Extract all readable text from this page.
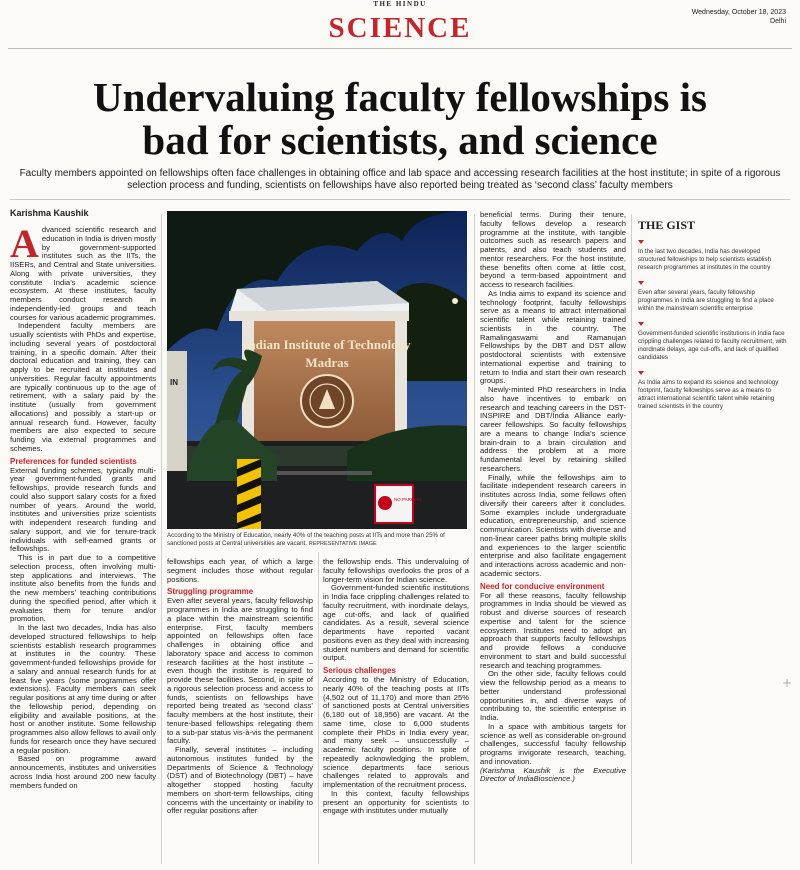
THE HINDU
SCIENCE	Wednesday, October 18, 2023
Delhi
Undervaluing faculty fellowships is
bad for scientists, and science
Faculty members appointed on fellowships often face challenges in obtaining office and lab space and accessing research facilities at the host institute; in spite of a rigorous selection process and funding, scientists on fellowships have also reported being treated as ‘second class’ faculty members
Karishma Kaushik

Advanced scientific research and education in India is driven mostly by government-supported institutes such as the IITs, the IISERs, and Central and State universities. Along with private universities, they constitute India’s academic science ecosystem. At these institutes, faculty members conduct research in independently-led groups and teach courses for various academic programmes.

Independent faculty members are usually scientists with PhDs and expertise, including several years of postdoctoral training, in a specific domain. After their doctoral education and training, they can apply to be recruited at institutes and universities. Regular faculty appointments are typically continuous up to the age of retirement, with a salary paid by the institute (usually from government allocations) and possibly a start-up or annual research fund. However, faculty members are also expected to secure funding via external programmes and schemes.

Preferences for funded scientists

External funding schemes, typically multi-year government-funded grants and fellowships, provide research funds and could also support salary costs for a fixed number of years. Around the world, institutes and universities prize scientists with independent research funding and salary support, and vie for tenure-track individuals with self-earned grants or fellowships.

This is in part due to a competitive selection process, often involving multi-step applications and interviews. The institute also benefits from the funds and the new members’ teaching contributions during the specified period, after which it evaluates them for tenure and/or promotion.

In the last two decades, India has also developed structured fellowships to help scientists establish research programmes at institutes in the country. These government-funded fellowships provide for a salary and annual research funds for at least five years (some programmes offer extensions). Faculty members can seek regular positions at any time during or after the fellowship period, depending on eligibility and available positions, at the host or another institute. Some fellowship programmes also allow fellows to avail only funds for research once they have secured a regular position.

Based on programme award announcements, institutes and universities across India host around 200 new faculty members funded on

Indian Institute of Technology
Madras
IN
NO PARKING
According to the Ministry of Education, nearly 40% of the teaching posts at IITs and more than 25% of sanctioned posts at Central universities are vacant. REPRESENTATIVE IMAGE

fellowships each year, of which a large segment includes those without regular positions.

Struggling programme

Even after several years, faculty fellowship programmes in India are struggling to find a place within the mainstream scientific enterprise. First, faculty members appointed on fellowships often face challenges in obtaining office and laboratory space and access to common research facilities at the host institute – even though the institute is required to provide these facilities. Second, in spite of a rigorous selection process and access to funds, scientists on fellowships have reported being treated as ‘second class’ faculty members at the host institute, their tenure-based fellowships relegating them to a sub-par status vis-à-vis the permanent faculty.

Finally, several institutes – including autonomous institutes funded by the Departments of Science & Technology (DST) and of Biotechnology (DBT) – have altogether stopped hosting faculty members on short-term fellowships, citing concerns with the uncertainty or inability to offer regular positions after

the fellowship ends. This undervaluing of faculty fellowships overlooks the pros of a longer-term vision for Indian science.

Government-funded scientific institutions in India face crippling challenges related to faculty recruitment, with inordinate delays, age cut-offs, and lack of qualified candidates. As a result, several science departments have reported vacant positions even as they deal with increasing student numbers and demand for scientific output.

Serious challenges

According to the Ministry of Education, nearly 40% of the teaching posts at IITs (4,502 out of 11,170) and more than 25% of sanctioned posts at Central universities (6,180 out of 18,956) are vacant. At the same time, close to 6,000 students complete their PhDs in India every year, and many seek – unsuccessfully – academic faculty positions. In spite of repeatedly acknowledging the problem, science departments face serious challenges related to approvals and implementation of the recruitment process.

In this context, faculty fellowships present an opportunity for scientists to engage with institutes under mutually

beneficial terms. During their tenure, faculty fellows develop a research programme at the institute, with tangible outcomes such as research papers and patents, and also teach students and mentor researchers. For the host institute, these benefits often come at little cost, beyond a term-based appointment and access to research facilities.

As India aims to expand its science and technology footprint, faculty fellowships serve as a means to attract international scientific talent while retaining trained scientists in the country. The Ramalingaswami and Ramanujan Fellowships by the DBT and DST allow postdoctoral scientists with extensive international expertise and training to return to India and start their own research groups.

Newly-minted PhD researchers in India also have incentives to embark on research and teaching careers in the DST-INSPIRE and DBT/India Alliance early-career fellowships. So faculty fellowships are a means to change India’s science brain-drain to a brain circulation and address the problem at a more fundamental level by retaining skilled researchers.

Finally, while the fellowships aim to facilitate independent research careers in institutes across India, some fellows often diversify their careers after it concludes. Some examples include undergraduate education, entrepreneurship, and science communication. Scientists with diverse and non-linear career paths bring multiple skills and experiences to the larger scientific enterprise and also facilitate engagement and interactions across academic and non-academic sectors.

Need for conducive environment

For all these reasons, faculty fellowship programmes in India should be viewed as robust and diverse sources of research expertise and talent for the science ecosystem. Institutes need to adopt an approach that supports faculty fellowships and provide fellows a conducive environment to start and build successful research and teaching programmes.

On the other side, faculty fellows could view the fellowship period as a means to better understand professional opportunities in, and diverse ways of contributing to, the scientific enterprise in India.

In a space with ambitious targets for science as well as considerable on-ground challenges, successful faculty fellowship programs invigorate research, teaching, and innovation.

(Karishma Kaushik is the Executive Director of IndiaBioscience.)

THE GIST
In the last two decades, India has developed structured fellowships to help scientists establish research programmes at institutes in the country
Even after several years, faculty fellowship programmes in India are struggling to find a place within the mainstream scientific enterprise
Government-funded scientific institutions in India face crippling challenges related to faculty recruitment, with inordinate delays, age cut-offs, and lack of qualified candidates
As India aims to expand its science and technology footprint, faculty fellowships serve as a means to attract international scientific talent while retaining trained scientists in the country
+
